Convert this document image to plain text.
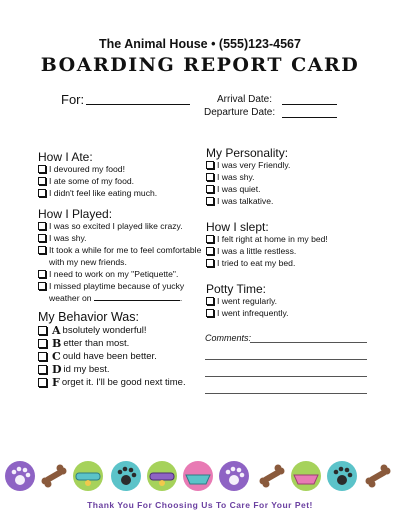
The Animal House • (555)123-4567
BOARDING REPORT CARD
For:	Arrival Date:
Departure Date:
How I Ate:
I devoured my food!
I ate some of my food.
I didn't feel like eating much.
How I Played:
I was so excited I played like crazy.
I was shy.
It took a while for me to feel comfortable
with my new friends.
I need to work on my "Petiquette".
I missed playtime because of yucky
weather on	.
My Behavior Was:
A bsolutely wonderful!
B etter than most.
C ould have been better.
D id my best.
F orget it. I'll be good next time.
My Personality:
I was very Friendly.
I was shy.
I was quiet.
I was talkative.
How I slept:
I felt right at home in my bed!
I was a little restless.
I tried to eat my bed.
Potty Time:
I went regularly.
I went infrequently.
Comments:
Thank You For Choosing Us To Care For Your Pet!
